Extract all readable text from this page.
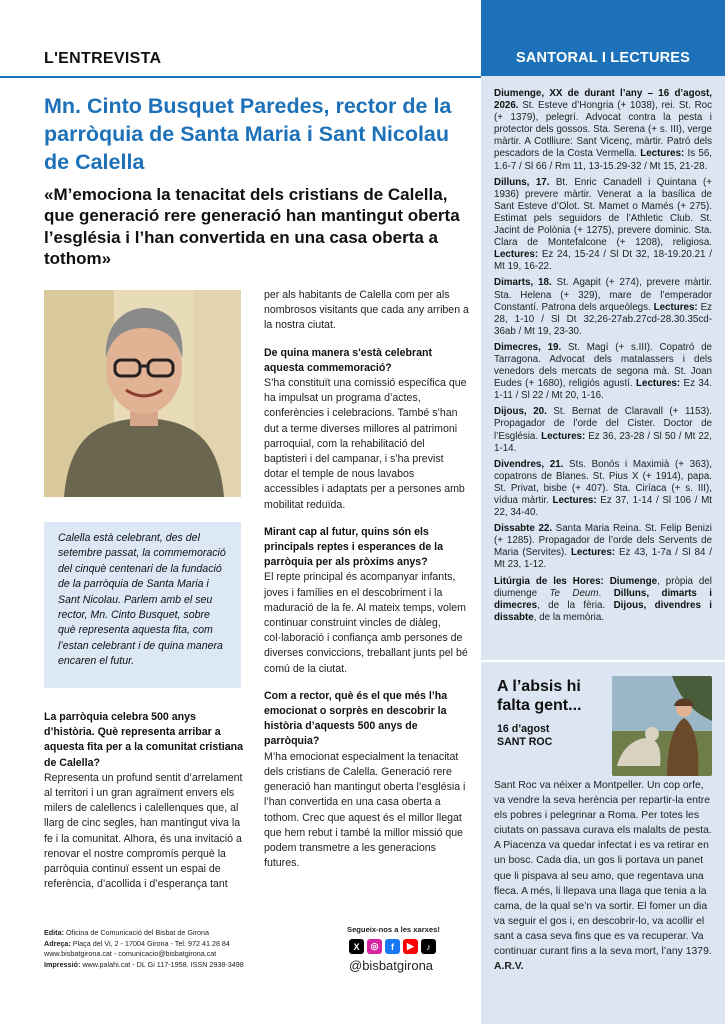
L'ENTREVISTA
Mn. Cinto Busquet Paredes, rector de la parròquia de Santa Maria i Sant Nicolau de Calella
«M’emociona la tenacitat dels cristians de Calella, que generació rere generació han mantingut oberta l’església i l’han convertida en una casa oberta a tothom»
Calella està celebrant, des del setembre passat, la commemoració del cinquè centenari de la fundació de la parròquia de Santa Maria i Sant Nicolau. Parlem amb el seu rector, Mn. Cinto Busquet, sobre què representa aquesta fita, com l’estan celebrant i de quina manera encaren el futur.
La parròquia celebra 500 anys d’història. Què representa arribar a aquesta fita per a la comunitat cristiana de Calella?
Representa un profund sentit d’arrelament al territori i un gran agraïment envers els milers de calellencs i calellenques que, al llarg de cinc segles, han mantingut viva la fe i la comunitat. Alhora, és una invitació a renovar el nostre compromís perquè la parròquia continuï essent un espai de referència, d’acollida i d’esperança tant
per als habitants de Calella com per als nombrosos visitants que cada any arriben a la nostra ciutat.
De quina manera s'està celebrant aquesta commemoració?
S’ha constituït una comissió específica que ha impulsat un programa d’actes, conferències i celebracions. També s’han dut a terme diverses millores al patrimoni parroquial, com la rehabilitació del baptisteri i del campanar, i s’ha previst dotar el temple de nous lavabos accessibles i adaptats per a persones amb mobilitat reduïda.
Mirant cap al futur, quins són els principals reptes i esperances de la parròquia per als pròxims anys?
El repte principal és acompanyar infants, joves i famílies en el descobriment i la maduració de la fe. Al mateix temps, volem continuar construint vincles de diàleg, col·laboració i confiança amb persones de diverses conviccions, treballant junts pel bé comú de la ciutat.
Com a rector, què és el que més l’ha emocionat o sorprès en descobrir la història d’aquests 500 anys de parròquia?
M’ha emocionat especialment la tenacitat dels cristians de Calella. Generació rere generació han mantingut oberta l’església i l’han convertida en una casa oberta a tothom. Crec que aquest és el millor llegat que hem rebut i també la millor missió que podem transmetre a les generacions futures.
Edita: Oficina de Comunicació del Bisbat de Girona
Adreça: Plaça del Vi, 2 - 17004 Girona - Tel. 972 41 28 84
www.bisbatgirona.cat - comunicacio@bisbatgirona.cat
Impressió: www.palahi.cat - DL Gi 117-1958. ISSN 2938-3498
Segueix-nos a les xarxes!
X	◎	f	▶	♪
@bisbatgirona
SANTORAL I LECTURES

Diumenge, XX de durant l’any – 16 d’agost, 2026. St. Esteve d’Hongria (+ 1038), rei. St. Roc (+ 1379), pelegrí. Advocat contra la pesta i protector dels gossos. Sta. Serena (+ s. III), verge màrtir. A Cotlliure: Sant Vicenç, màrtir. Patró dels pescadors de la Costa Vermella. Lectures: Is 56, 1.6-7 / Sl 66 / Rm 11, 13-15.29-32 / Mt 15, 21-28.

Dilluns, 17. Bt. Enric Canadell i Quintana (+ 1936) prevere màrtir. Venerat a la basílica de Sant Esteve d’Olot. St. Mamet o Mamés (+ 275). Estimat pels seguidors de l’Athletic Club. St. Jacint de Polònia (+ 1275), prevere dominic. Sta. Clara de Montefalcone (+ 1208), religiosa. Lectures: Ez 24, 15-24 / Sl Dt 32, 18-19.20.21 / Mt 19, 16-22.

Dimarts, 18. St. Agapit (+ 274), prevere màrtir. Sta. Helena (+ 329), mare de l’emperador Constantí. Patrona dels arqueòlegs. Lectures: Ez 28, 1-10 / Sl Dt 32,26-27ab.27cd-28.30.35cd-36ab / Mt 19, 23-30.

Dimecres, 19. St. Magí (+ s.III). Copatró de Tarragona. Advocat dels matalassers i dels venedors dels mercats de segona mà. St. Joan Eudes (+ 1680), religiós agustí. Lectures: Ez 34. 1-11 / Sl 22 / Mt 20, 1-16.

Dijous, 20. St. Bernat de Claravall (+ 1153). Propagador de l’orde del Cister. Doctor de l’Església. Lectures: Ez 36, 23-28 / Sl 50 / Mt 22, 1-14.

Divendres, 21. Sts. Bonós i Maximià (+ 363), copatrons de Blanes. St. Pius X (+ 1914), papa. St. Privat, bisbe (+ 407). Sta. Ciríaca (+ s. III), vídua màrtir. Lectures: Ez 37, 1-14 / Sl 106 / Mt 22, 34-40.

Dissabte 22. Santa Maria Reina. St. Felip Benizi (+ 1285). Propagador de l’orde dels Servents de Maria (Servites). Lectures: Ez 43, 1-7a / Sl 84 / Mt 23, 1-12.

Litúrgia de les Hores: Diumenge, pròpia del diumenge Te Deum. Dilluns, dimarts i dimecres, de la fèria. Dijous, divendres i dissabte, de la memòria.

A l’absis hi falta gent...
16 d’agost
SANT ROC
Sant Roc va néixer a Montpeller. Un cop orfe, va vendre la seva herència per repartir-la entre els pobres i pelegrinar a Roma. Per totes les ciutats on passava curava els malalts de pesta. A Piacenza va quedar infectat i es va retirar en un bosc. Cada dia, un gos li portava un panet que li pispava al seu amo, que regentava una fleca. A més, li llepava una llaga que tenia a la cama, de la qual se’n va sortir. El fomer un dia va seguir el gos i, en descobrir-lo, va acollir el sant a casa seva fins que es va recuperar. Va continuar curant fins a la seva mort, l’any 1379. A.R.V.
